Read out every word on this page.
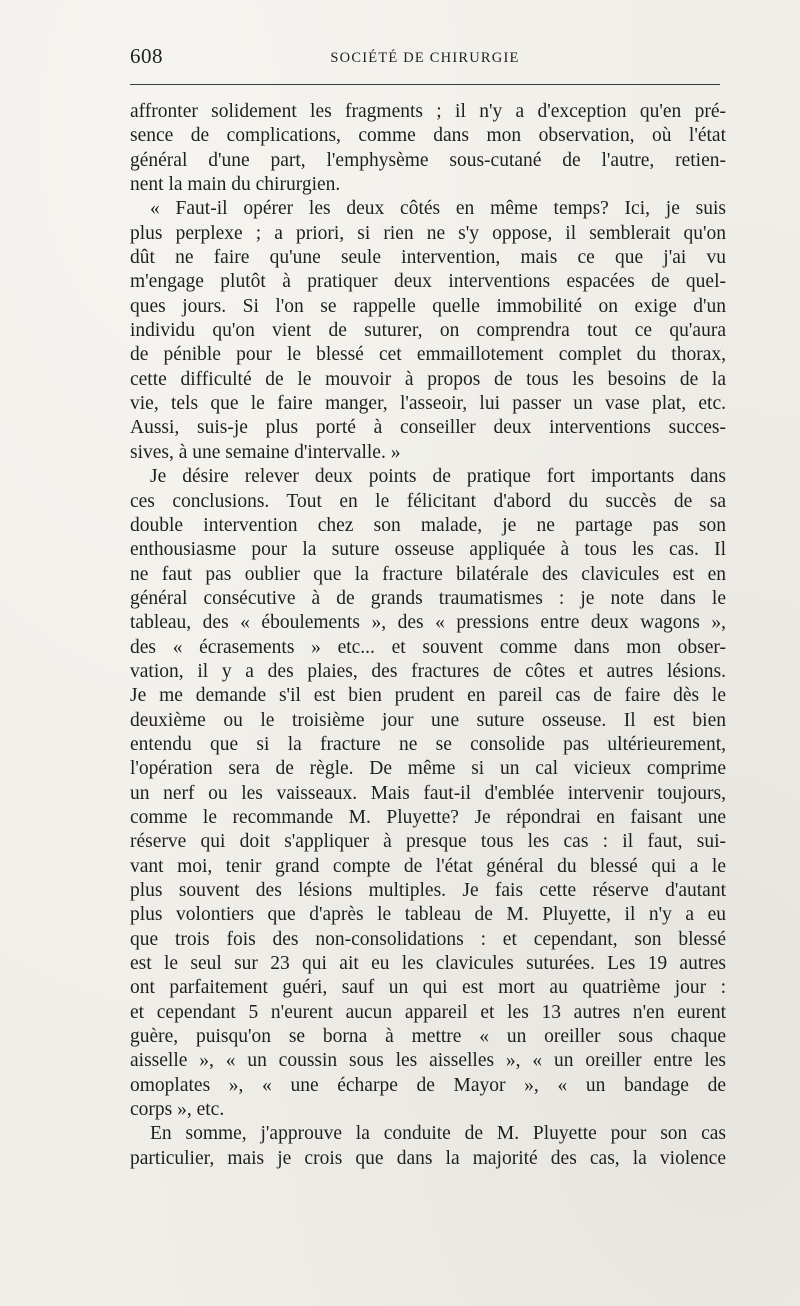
608	SOCIÉTÉ DE CHIRURGIE
affronter solidement les fragments ; il n'y a d'exception qu'en pré-
sence de complications, comme dans mon observation, où l'état
général d'une part, l'emphysème sous-cutané de l'autre, retien-
nent la main du chirurgien.
« Faut-il opérer les deux côtés en même temps? Ici, je suis
plus perplexe ; a priori, si rien ne s'y oppose, il semblerait qu'on
dût ne faire qu'une seule intervention, mais ce que j'ai vu
m'engage plutôt à pratiquer deux interventions espacées de quel-
ques jours. Si l'on se rappelle quelle immobilité on exige d'un
individu qu'on vient de suturer, on comprendra tout ce qu'aura
de pénible pour le blessé cet emmaillotement complet du thorax,
cette difficulté de le mouvoir à propos de tous les besoins de la
vie, tels que le faire manger, l'asseoir, lui passer un vase plat, etc.
Aussi, suis-je plus porté à conseiller deux interventions succes-
sives, à une semaine d'intervalle. »
Je désire relever deux points de pratique fort importants dans
ces conclusions. Tout en le félicitant d'abord du succès de sa
double intervention chez son malade, je ne partage pas son
enthousiasme pour la suture osseuse appliquée à tous les cas. Il
ne faut pas oublier que la fracture bilatérale des clavicules est en
général consécutive à de grands traumatismes : je note dans le
tableau, des « éboulements », des « pressions entre deux wagons »,
des « écrasements » etc... et souvent comme dans mon obser-
vation, il y a des plaies, des fractures de côtes et autres lésions.
Je me demande s'il est bien prudent en pareil cas de faire dès le
deuxième ou le troisième jour une suture osseuse. Il est bien
entendu que si la fracture ne se consolide pas ultérieurement,
l'opération sera de règle. De même si un cal vicieux comprime
un nerf ou les vaisseaux. Mais faut-il d'emblée intervenir toujours,
comme le recommande M. Pluyette? Je répondrai en faisant une
réserve qui doit s'appliquer à presque tous les cas : il faut, sui-
vant moi, tenir grand compte de l'état général du blessé qui a le
plus souvent des lésions multiples. Je fais cette réserve d'autant
plus volontiers que d'après le tableau de M. Pluyette, il n'y a eu
que trois fois des non-consolidations : et cependant, son blessé
est le seul sur 23 qui ait eu les clavicules suturées. Les 19 autres
ont parfaitement guéri, sauf un qui est mort au quatrième jour :
et cependant 5 n'eurent aucun appareil et les 13 autres n'en eurent
guère, puisqu'on se borna à mettre « un oreiller sous chaque
aisselle », « un coussin sous les aisselles », « un oreiller entre les
omoplates », « une écharpe de Mayor », « un bandage de
corps », etc.
En somme, j'approuve la conduite de M. Pluyette pour son cas
particulier, mais je crois que dans la majorité des cas, la violence
